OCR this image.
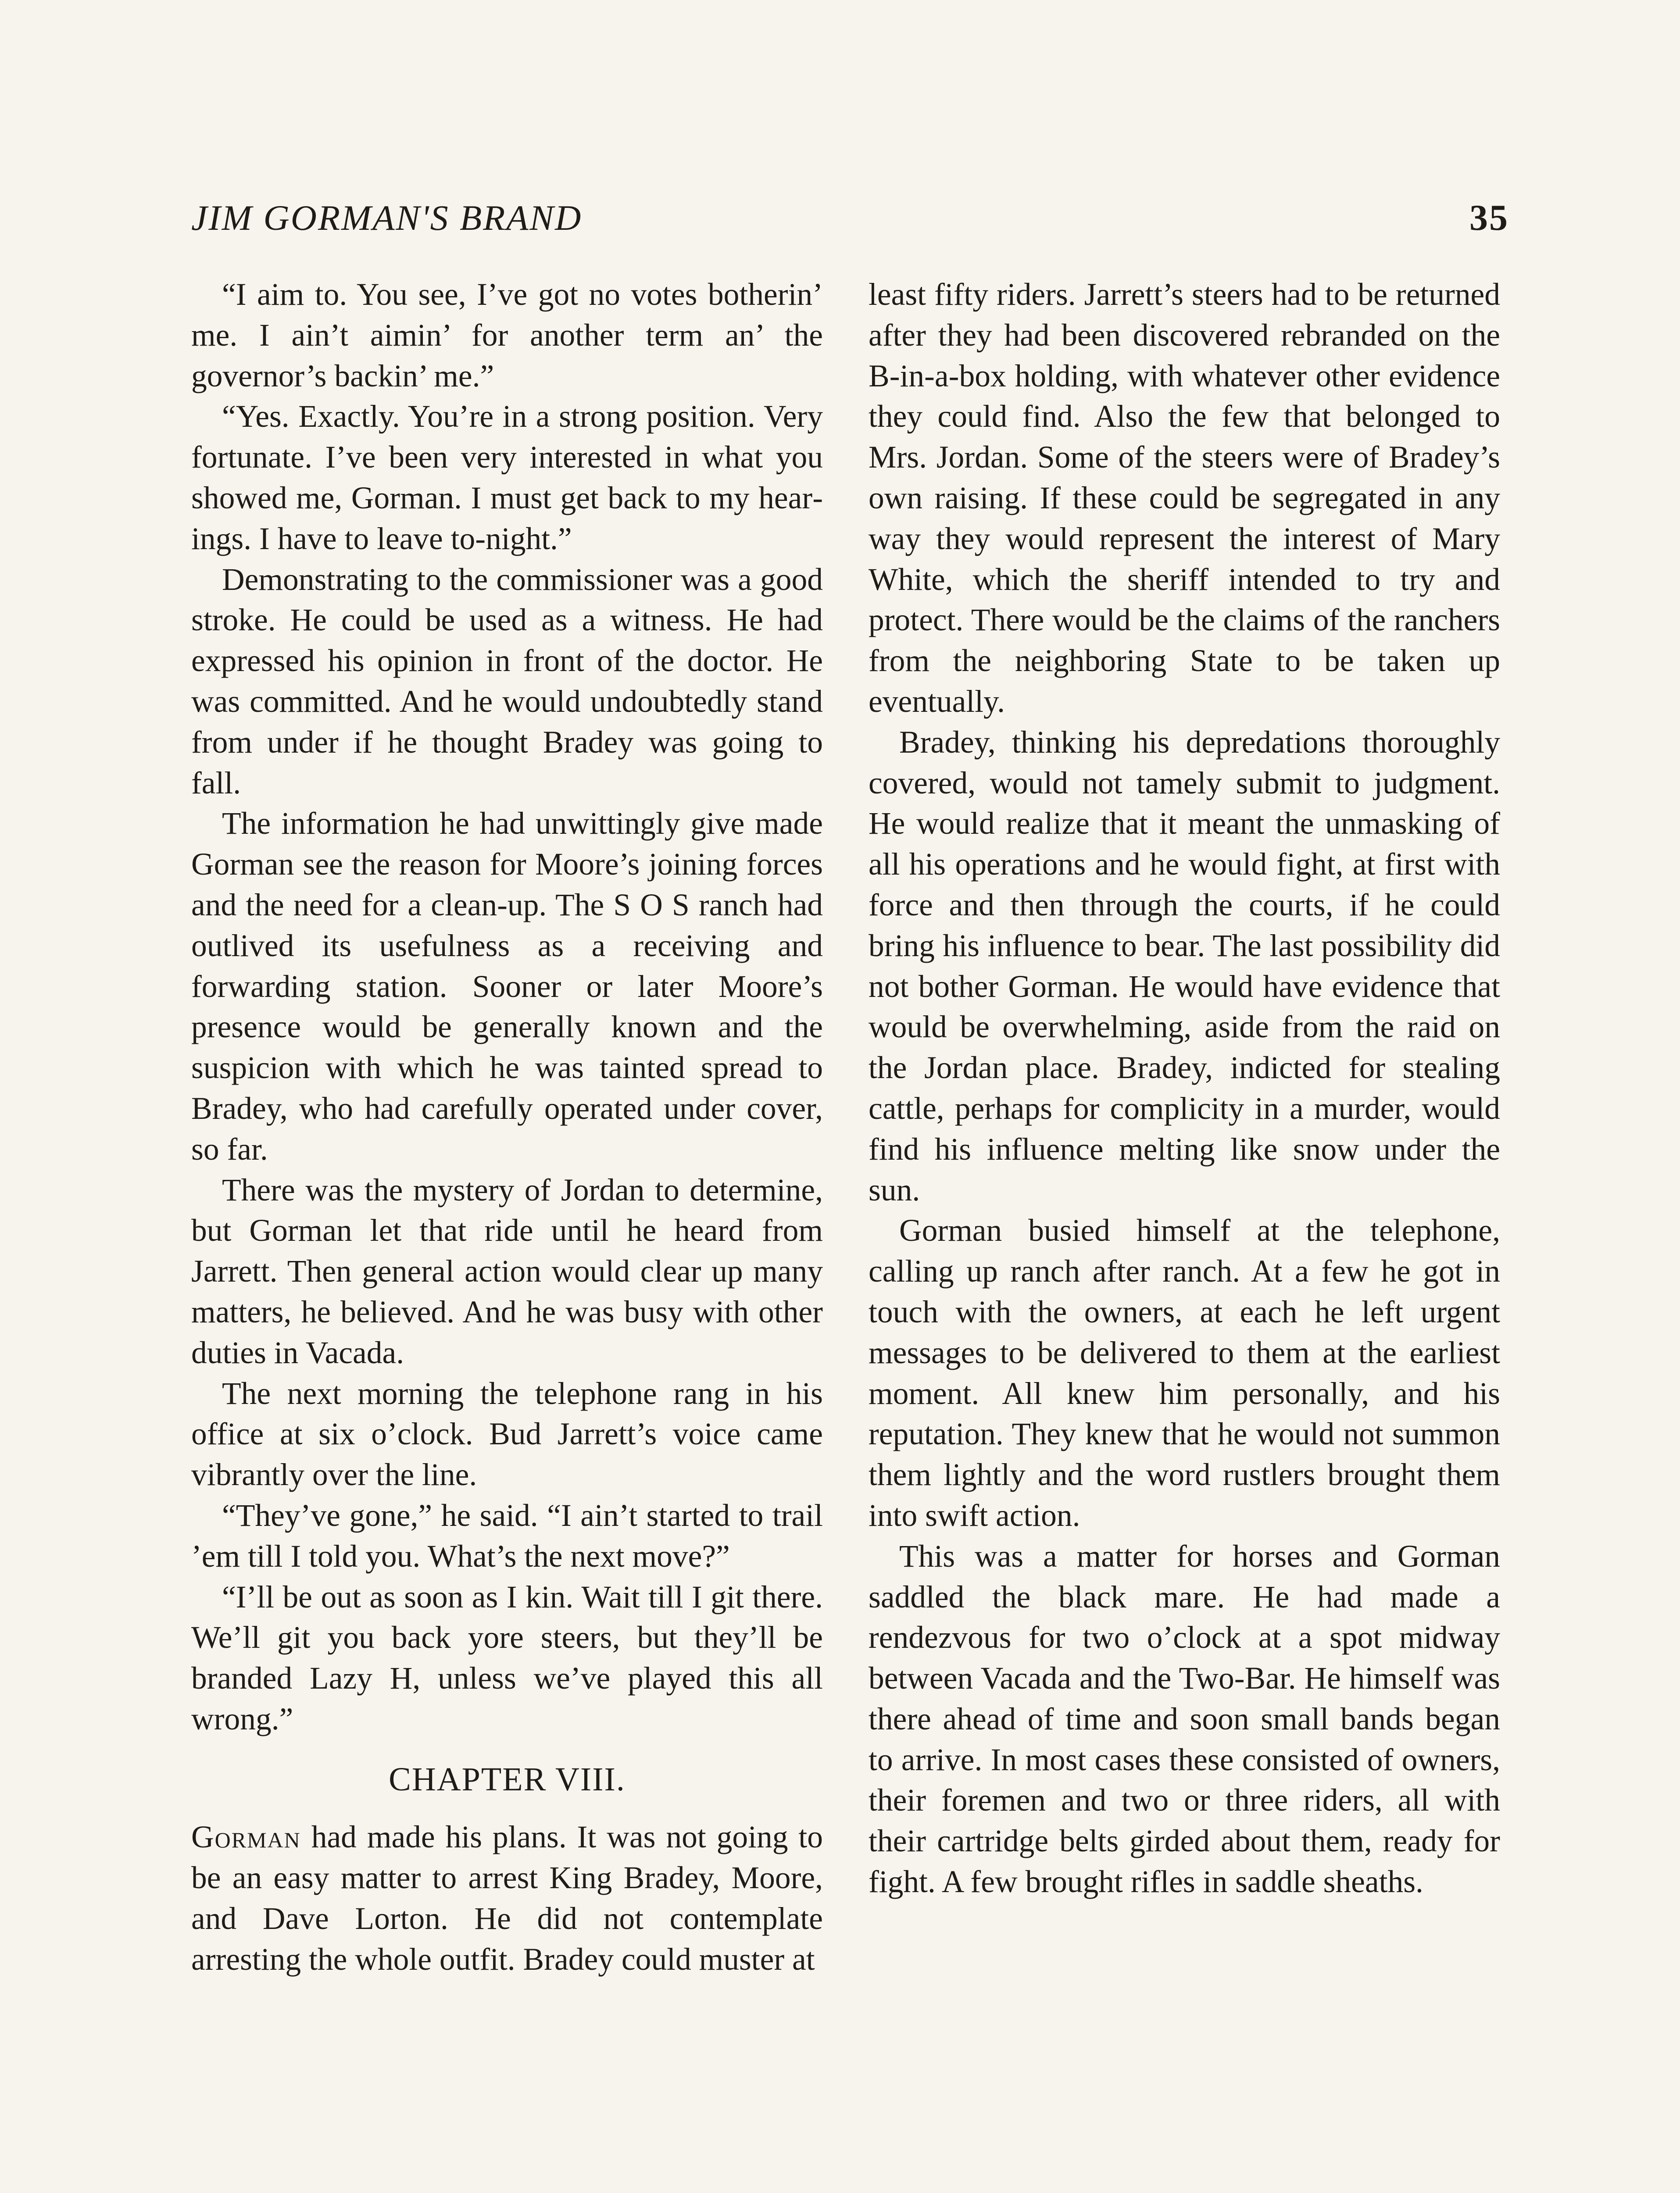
JIM GORMAN'S BRAND	35

“I aim to. You see, I’ve got no votes botherin’ me. I ain’t aimin’ for another term an’ the governor’s backin’ me.”

“Yes. Exactly. You’re in a strong position. Very fortunate. I’ve been very interested in what you showed me, Gorman. I must get back to my hearings. I have to leave to-night.”

Demonstrating to the commissioner was a good stroke. He could be used as a witness. He had expressed his opinion in front of the doctor. He was committed. And he would undoubtedly stand from under if he thought Bradey was going to fall.

The information he had unwittingly give made Gorman see the reason for Moore’s joining forces and the need for a clean-up. The S O S ranch had outlived its usefulness as a receiving and forwarding station. Sooner or later Moore’s presence would be generally known and the suspicion with which he was tainted spread to Bradey, who had carefully operated under cover, so far.

There was the mystery of Jordan to determine, but Gorman let that ride until he heard from Jarrett. Then general action would clear up many matters, he believed. And he was busy with other duties in Vacada.

The next morning the telephone rang in his office at six o’clock. Bud Jarrett’s voice came vibrantly over the line.

“They’ve gone,” he said. “I ain’t started to trail ’em till I told you. What’s the next move?”

“I’ll be out as soon as I kin. Wait till I git there. We’ll git you back yore steers, but they’ll be branded Lazy H, unless we’ve played this all wrong.”

CHAPTER VIII.

Gorman had made his plans. It was not going to be an easy matter to arrest King Bradey, Moore, and Dave Lorton. He did not contemplate arresting the whole outfit. Bradey could muster at

least fifty riders. Jarrett’s steers had to be returned after they had been discovered rebranded on the B-in-a-box holding, with whatever other evidence they could find. Also the few that belonged to Mrs. Jordan. Some of the steers were of Bradey’s own raising. If these could be segregated in any way they would represent the interest of Mary White, which the sheriff intended to try and protect. There would be the claims of the ranchers from the neighboring State to be taken up eventually.

Bradey, thinking his depredations thoroughly covered, would not tamely submit to judgment. He would realize that it meant the unmasking of all his operations and he would fight, at first with force and then through the courts, if he could bring his influence to bear. The last possibility did not bother Gorman. He would have evidence that would be overwhelming, aside from the raid on the Jordan place. Bradey, indicted for stealing cattle, perhaps for complicity in a murder, would find his influence melting like snow under the sun.

Gorman busied himself at the telephone, calling up ranch after ranch. At a few he got in touch with the owners, at each he left urgent messages to be delivered to them at the earliest moment. All knew him personally, and his reputation. They knew that he would not summon them lightly and the word rustlers brought them into swift action.

This was a matter for horses and Gorman saddled the black mare. He had made a rendezvous for two o’clock at a spot midway between Vacada and the Two-Bar. He himself was there ahead of time and soon small bands began to arrive. In most cases these consisted of owners, their foremen and two or three riders, all with their cartridge belts girded about them, ready for fight. A few brought rifles in saddle sheaths.
